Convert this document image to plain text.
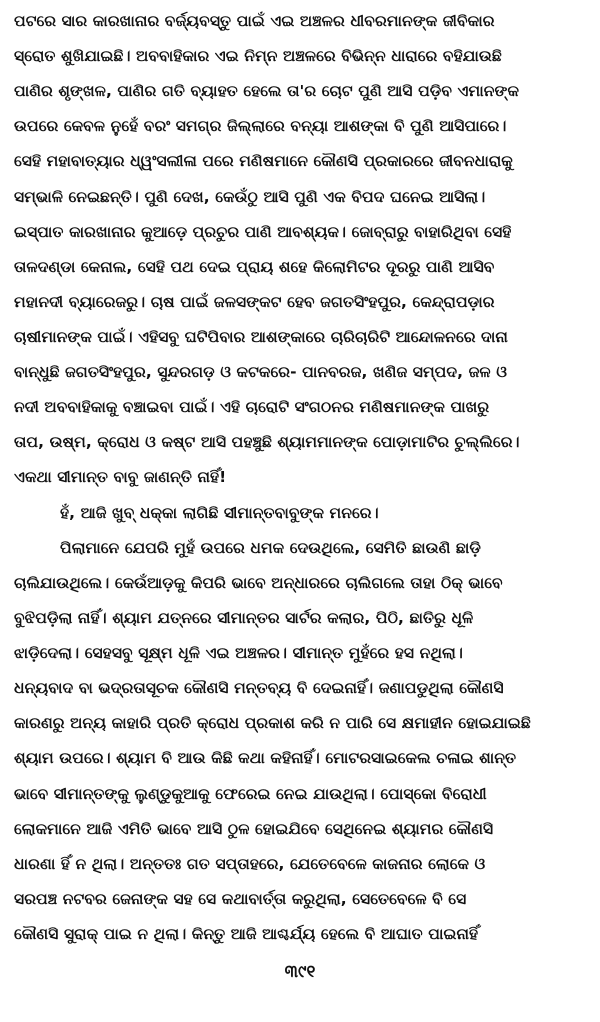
ପଟରେ ସାର କାରଖାନାର ବର୍ଜ୍ୟବସ୍ତୁ ପାଇଁ ଏଇ ଅଞ୍ଚଳର ଧୀବରମାନଙ୍କ ଜୀବିକାର
ସ୍ରୋତ ଶୁଖିଯାଇଛି। ଅବବାହିକାର ଏଇ ନିମ୍ନ ଅଞ୍ଚଳରେ ବିଭିନ୍ନ ଧାରାରେ ବହିଯାଉଛି
ପାଣିର ଶୃଙ୍ଖଳ, ପାଣିର ଗତି ବ୍ୟାହତ ହେଲେ ତା'ର ଚୋଟ ପୁଣି ଆସି ପଡ଼ିବ ଏମାନଙ୍କ
ଉପରେ କେବଳ ନୁହେଁ ବରଂ ସମଗ୍ର ଜିଲ୍ଲାରେ ବନ୍ୟା ଆଶଙ୍କା ବି ପୁଣି ଆସିପାରେ।
ସେହି ମହାବାତ୍ୟାର ଧ୍ୱଂସଲୀଳା ପରେ ମଣିଷମାନେ କୌଣସି ପ୍ରକାରରେ ଜୀବନଧାରାକୁ
ସମ୍ଭାଳି ନେଇଛନ୍ତି। ପୁଣି ଦେଖ, କେଉଁଠୁ ଆସି ପୁଣି ଏକ ବିପଦ ଘନେଇ ଆସିଲା।
ଇସ୍ପାତ କାରଖାନାର କୁଆଡ଼େ ପ୍ରଚୁର ପାଣି ଆବଶ୍ୟକ। ଜୋବ୍ରାରୁ ବାହାରିଥିବା ସେହି
ତାଳଦଣ୍ଡା କେନାଲ, ସେହି ପଥ ଦେଇ ପ୍ରାୟ ଶହେ କିଲୋମିଟର ଦୂରରୁ ପାଣି ଆସିବ
ମହାନଦୀ ବ୍ୟାରେଜରୁ। ଚାଷ ପାଇଁ ଜଳସଙ୍କଟ ହେବ ଜଗତସିଂହପୁର, କେନ୍ଦ୍ରାପଡ଼ାର
ଚାଷୀମାନଙ୍କ ପାଇଁ। ଏହିସବୁ ଘଟିପିବାର ଆଶଙ୍କାରେ ଚାରିଚାରିଟି ଆନ୍ଦୋଳନରେ ଦାନା
ବାନ୍ଧୁଛି ଜଗତସିଂହପୁର, ସୁନ୍ଦରଗଡ଼ ଓ କଟକରେ- ପାନବରଜ, ଖଣିଜ ସମ୍ପଦ, ଜଳ ଓ
ନଦୀ ଅବବାହିକାକୁ ବଞ୍ଚାଇବା ପାଇଁ। ଏହି ଚାରୋଟି ସଂଗଠନର ମଣିଷମାନଙ୍କ ପାଖରୁ
ତାପ, ଉଷ୍ମ, କ୍ରୋଧ ଓ କଷ୍ଟ ଆସି ପହଞ୍ଚୁଛି ଶ୍ୟାମମାନଙ୍କ ପୋଡ଼ାମାଟିର ଚୁଲ୍ଲିରେ।
ଏକଥା ସୀମାନ୍ତ ବାବୁ ଜାଣନ୍ତି ନାହିଁ!
ହଁ, ଆଜି ଖୁବ୍ ଧକ୍କା ଲାଗିଛି ସୀମାନ୍ତବାବୁଙ୍କ ମନରେ।
ପିଲାମାନେ ଯେପରି ମୁହଁ ଉପରେ ଧମକ ଦେଉଥିଲେ, ସେମିତି ଛାଉଣି ଛାଡ଼ି
ଚାଲିଯାଉଥିଲେ। କେଉଁଆଡ଼କୁ କିପରି ଭାବେ ଅନ୍ଧାରରେ ଚାଲିଗଲେ ତାହା ଠିକ୍ ଭାବେ
ବୁଝିପଡ଼ିଲା ନାହିଁ। ଶ୍ୟାମ ଯତ୍ନରେ ସୀମାନ୍ତର ସାର୍ଟର କଲାର, ପିଠି, ଛାତିରୁ ଧୂଳି
ଝାଡ଼ିଦେଲା। ସେହସବୁ ସୂକ୍ଷ୍ମ ଧୂଳି ଏଇ ଅଞ୍ଚଳର। ସୀମାନ୍ତ ମୁହଁରେ ହସ ନଥିଲା।
ଧନ୍ୟବାଦ ବା ଭଦ୍ରତାସୂଚକ କୌଣସି ମନ୍ତବ୍ୟ ବି ଦେଇନାହିଁ। ଜଣାପଡୁଥିଲା କୌଣସି
କାରଣରୁ ଅନ୍ୟ କାହାରି ପ୍ରତି କ୍ରୋଧ ପ୍ରକାଶ କରି ନ ପାରି ସେ କ୍ଷମାହୀନ ହୋଇଯାଇଛି
ଶ୍ୟାମ ଉପରେ। ଶ୍ୟାମ ବି ଆଉ କିଛି କଥା କହିନାହିଁ। ମୋଟରସାଇକେଲ ଚଳାଇ ଶାନ୍ତ
ଭାବେ ସୀମାନ୍ତଙ୍କୁ ଲୁଣ୍ଡୁକୁଆକୁ ଫେରେଇ ନେଇ ଯାଉଥିଲା। ପୋସ୍କୋ ବିରୋଧୀ
ଲୋକମାନେ ଆଜି ଏମିତି ଭାବେ ଆସି ଠୁଳ ହୋଇଯିବେ ସେଥିନେଇ ଶ୍ୟାମର କୌଣସି
ଧାରଣା ହିଁ ନ ଥିଲା। ଅନ୍ତତଃ ଗତ ସପ୍ତାହରେ, ଯେତେବେଳେ କାଜନାର ଲୋକେ ଓ
ସରପଞ୍ଚ ନଟବର ଜେନାଙ୍କ ସହ ସେ କଥାବାର୍ତ୍ତା କରୁଥିଲା, ସେତେବେଳେ ବି ସେ
କୌଣସି ସୁରାକ୍ ପାଇ ନ ଥିଲା। କିନ୍ତୁ ଆଜି ଆଶ୍ଚର୍ଯ୍ୟ ହେଲେ ବି ଆଘାତ ପାଇନାହିଁ
୩୯୧
